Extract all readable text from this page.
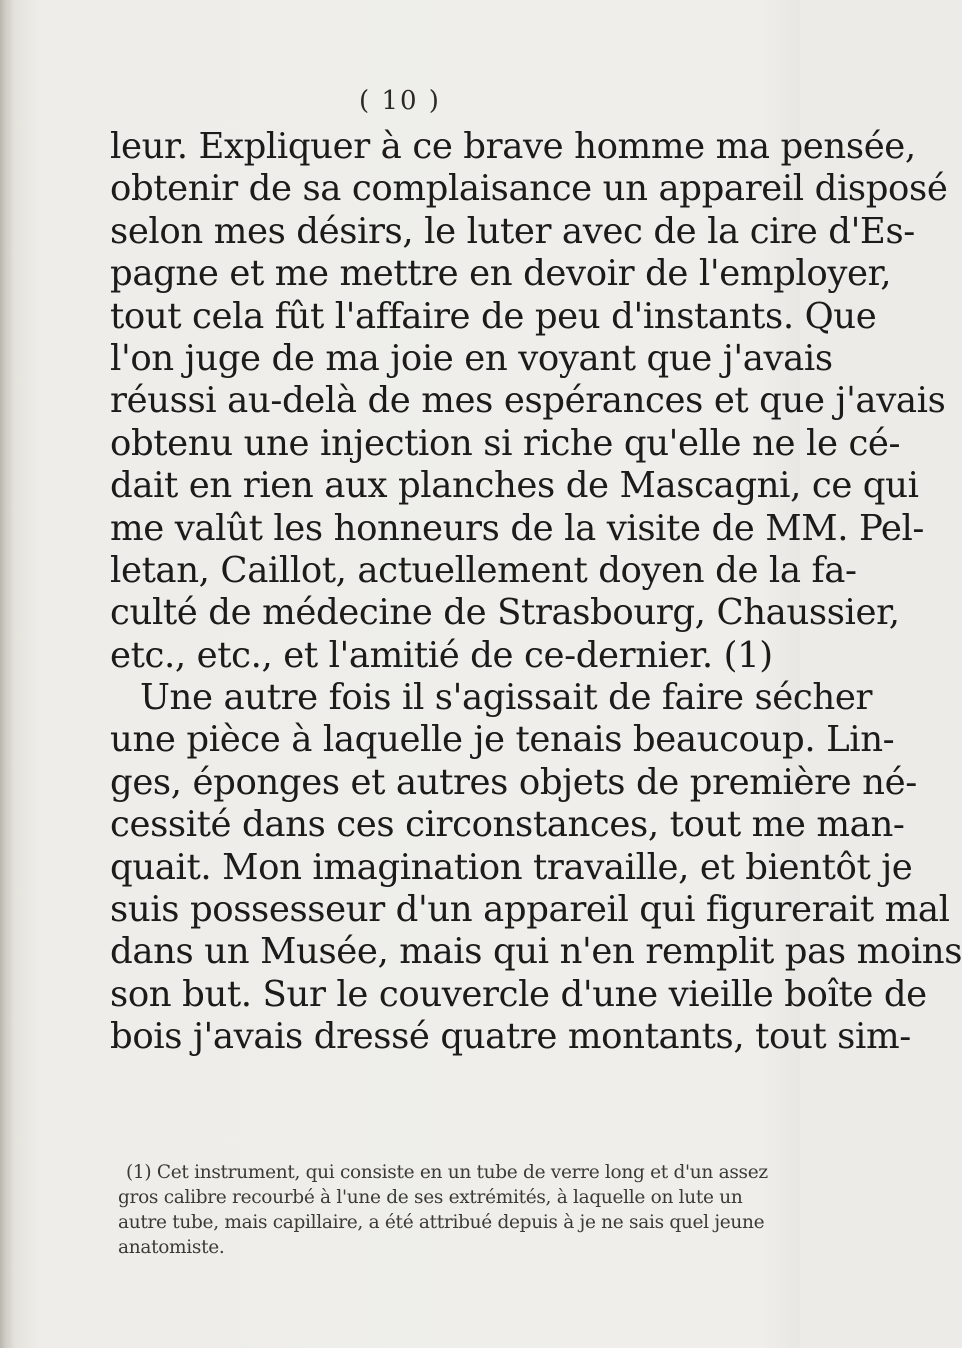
( 10 )
leur. Expliquer à ce brave homme ma pensée,
obtenir de sa complaisance un appareil disposé
selon mes désirs, le luter avec de la cire d'Es-
pagne et me mettre en devoir de l'employer,
tout cela fût l'affaire de peu d'instants. Que
l'on juge de ma joie en voyant que j'avais
réussi au-delà de mes espérances et que j'avais
obtenu une injection si riche qu'elle ne le cé-
dait en rien aux planches de Mascagni, ce qui
me valût les honneurs de la visite de MM. Pel-
letan, Caillot, actuellement doyen de la fa-
culté de médecine de Strasbourg, Chaussier,
etc., etc., et l'amitié de ce-dernier. (1)
Une autre fois il s'agissait de faire sécher
une pièce à laquelle je tenais beaucoup. Lin-
ges, éponges et autres objets de première né-
cessité dans ces circonstances, tout me man-
quait. Mon imagination travaille, et bientôt je
suis possesseur d'un appareil qui figurerait mal
dans un Musée, mais qui n'en remplit pas moins
son but. Sur le couvercle d'une vieille boîte de
bois j'avais dressé quatre montants, tout sim-
(1) Cet instrument, qui consiste en un tube de verre long et d'un assez
gros calibre recourbé à l'une de ses extrémités, à laquelle on lute un
autre tube, mais capillaire, a été attribué depuis à je ne sais quel jeune
anatomiste.
